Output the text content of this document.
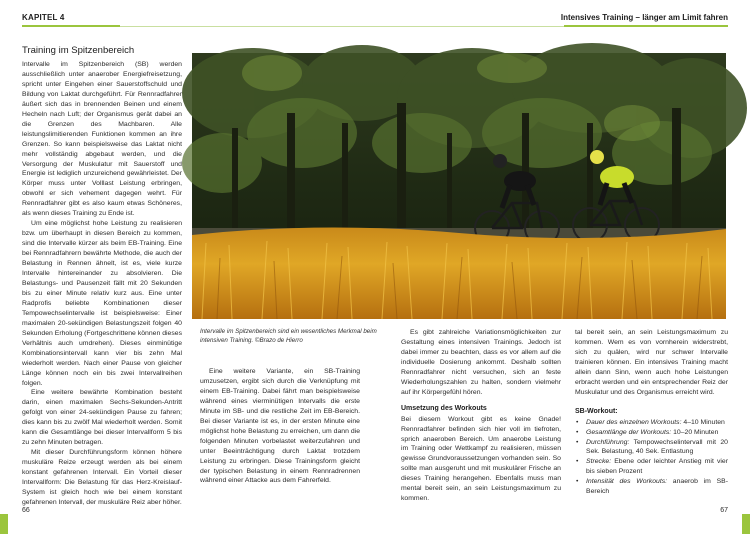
KAPITEL 4
Training im Spitzenbereich

Intervalle im Spitzenbereich (SB) werden ausschließlich unter anaerober Energiefreisetzung, spricht unter Eingehen einer Sauerstoffschuld und Bildung von Laktat durchgeführt. Für Rennradfahrer äußert sich das in brennenden Beinen und einem Hecheln nach Luft; der Organismus gerät dabei an die Grenzen des Machbaren. Alle leistungslimitierenden Funktionen kommen an ihre Grenzen. So kann beispielsweise das Laktat nicht mehr vollständig abgebaut werden, und die Versorgung der Muskulatur mit Sauerstoff und Energie ist lediglich unzureichend gewährleistet. Der Körper muss unter Volllast Leistung erbringen, obwohl er sich vehement dagegen wehrt. Für Rennradfahrer gibt es also kaum etwas Schöneres, als wenn dieses Training zu Ende ist.

Um eine möglichst hohe Leistung zu realisieren bzw. um überhaupt in diesen Bereich zu kommen, sind die Intervalle kürzer als beim EB-Training. Eine bei Rennradfahrern bewährte Methode, die auch der Belastung in Rennen ähnelt, ist es, viele kurze Intervalle hintereinander zu absolvieren. Die Belastungs- und Pausenzeit fällt mit 20 Sekunden bis zu einer Minute relativ kurz aus. Eine unter Radprofis beliebte Kombinationen dieser Tempowechselintervalle ist beispielsweise: Einer maximalen 20-sekündigen Belastungszeit folgen 40 Sekunden Erholung (Fortgeschrittene können dieses Verhältnis auch umdrehen). Dieses einminütige Kombinationsintervall kann vier bis zehn Mal wiederholt werden. Nach einer Pause von gleicher Länge können noch ein bis zwei Intervallreihen folgen.

Eine weitere bewährte Kombination besteht darin, einen maximalen Sechs-Sekunden-Antritt gefolgt von einer 24-sekündigen Pause zu fahren; dies kann bis zu zwölf Mal wiederholt werden. Somit kann die Gesamtlänge bei dieser Intervallform 5 bis zu zehn Minuten betragen.

Mit dieser Durchführungsform können höhere muskuläre Reize erzeugt werden als bei einem konstant gefahrenen Intervall. Ein Vorteil dieser Intervallform: Die Belastung für das Herz-Kreislauf-System ist gleich hoch wie bei einem konstant gefahrenen Intervall, der muskuläre Reiz aber höher.

Intervalle im Spitzenbereich sind ein wesentliches Merkmal beim intensiven Training. ©Brazo de Hierro

Eine weitere Variante, ein SB-Training umzusetzen, ergibt sich durch die Verknüpfung mit einem EB-Training. Dabei fährt man beispielsweise während eines vierminütigen Intervalls die erste Minute im SB- und die restliche Zeit im EB-Bereich. Bei dieser Variante ist es, in der ersten Minute eine möglichst hohe Belastung zu erreichen, um dann die folgenden Minuten vorbelastet weiterzufahren und unter Beeinträchtigung durch Laktat trotzdem Leistung zu erbringen. Diese Trainingsform gleicht der typischen Belastung in einem Rennradrennen während einer Attacke aus dem Fahrerfeld.

66
Intensives Training – länger am Limit fahren
67

Es gibt zahlreiche Variationsmöglichkeiten zur Gestaltung eines intensiven Trainings. Jedoch ist dabei immer zu beachten, dass es vor allem auf die individuelle Dosierung ankommt. Deshalb sollten Rennradfahrer nicht versuchen, sich an feste Wiederholungszahlen zu halten, sondern vielmehr auf ihr Körpergefühl hören.

Umsetzung des Workouts

Bei diesem Workout gibt es keine Gnade! Rennradfahrer befinden sich hier voll im tiefroten, sprich anaeroben Bereich. Um anaerobe Leistung im Training oder Wettkampf zu realisieren, müssen gewisse Grundvoraussetzungen vorhanden sein. So sollte man ausgeruht und mit muskulärer Frische an dieses Training herangehen. Ebenfalls muss man mental bereit sein, an sein Leistungsmaximum zu kommen.

tal bereit sein, an sein Leistungsmaximum zu kommen. Wem es von vornherein widerstrebt, sich zu quälen, wird nur schwer Intervalle trainieren können. Ein intensives Training macht allein dann Sinn, wenn auch hohe Leistungen erbracht werden und ein entsprechender Reiz der Muskulatur und des Organismus erreicht wird.

SB-Workout:
• Dauer des einzelnen Workouts: 4–10 Minuten
• Gesamtlänge der Workouts: 10–20 Minuten
• Durchführung: Tempowechselintervall mit 20 Sek. Belastung, 40 Sek. Entlastung
• Strecke: Ebene oder leichter Anstieg mit vier bis sieben Prozent
• Intensität des Workouts: anaerob im SB-Bereich
